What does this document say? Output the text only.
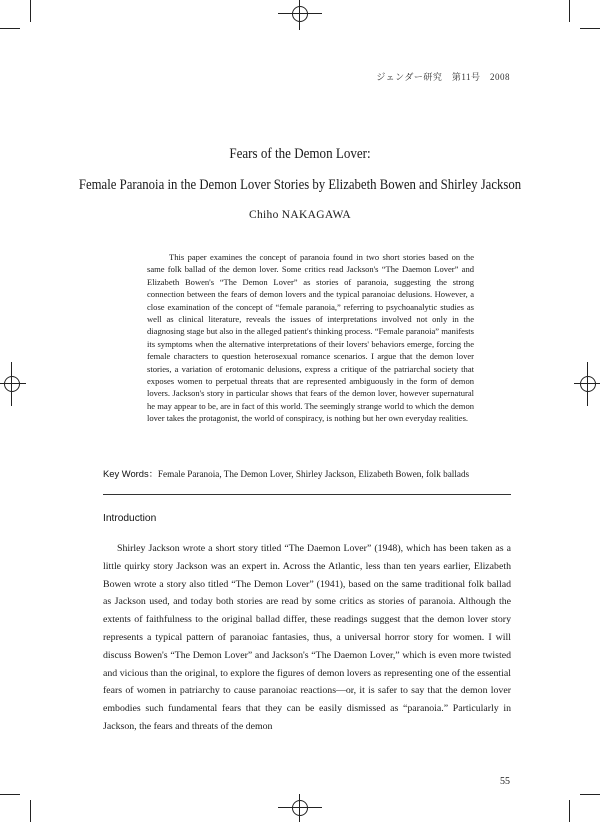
ジェンダー研究　第11号　2008
Fears of the Demon Lover:
Female Paranoia in the Demon Lover Stories by Elizabeth Bowen and Shirley Jackson
Chiho NAKAGAWA

This paper examines the concept of paranoia found in two short stories based on the same folk ballad of the demon lover. Some critics read Jackson's “The Daemon Lover” and Elizabeth Bowen's “The Demon Lover” as stories of paranoia, suggesting the strong connection between the fears of demon lovers and the typical paranoiac delusions. However, a close examination of the concept of “female paranoia,” referring to psychoanalytic studies as well as clinical literature, reveals the issues of interpretations involved not only in the diagnosing stage but also in the alleged patient's thinking process. “Female paranoia” manifests its symptoms when the alternative interpretations of their lovers' behaviors emerge, forcing the female characters to question heterosexual romance scenarios. I argue that the demon lover stories, a variation of erotomanic delusions, express a critique of the patriarchal society that exposes women to perpetual threats that are represented ambiguously in the form of demon lovers. Jackson's story in particular shows that fears of the demon lover, however supernatural he may appear to be, are in fact of this world. The seemingly strange world to which the demon lover takes the protagonist, the world of conspiracy, is nothing but her own everyday realities.

Key Words：Female Paranoia, The Demon Lover, Shirley Jackson, Elizabeth Bowen, folk ballads
Introduction

Shirley Jackson wrote a short story titled “The Daemon Lover” (1948), which has been taken as a little quirky story Jackson was an expert in. Across the Atlantic, less than ten years earlier, Elizabeth Bowen wrote a story also titled “The Demon Lover” (1941), based on the same traditional folk ballad as Jackson used, and today both stories are read by some critics as stories of paranoia. Although the extents of faithfulness to the original ballad differ, these readings suggest that the demon lover story represents a typical pattern of paranoiac fantasies, thus, a universal horror story for women. I will discuss Bowen's “The Demon Lover” and Jackson's “The Daemon Lover,” which is even more twisted and vicious than the original, to explore the figures of demon lovers as representing one of the essential fears of women in patriarchy to cause paranoiac reactions—or, it is safer to say that the demon lover embodies such fundamental fears that they can be easily dismissed as “paranoia.” Particularly in Jackson, the fears and threats of the demon

55
